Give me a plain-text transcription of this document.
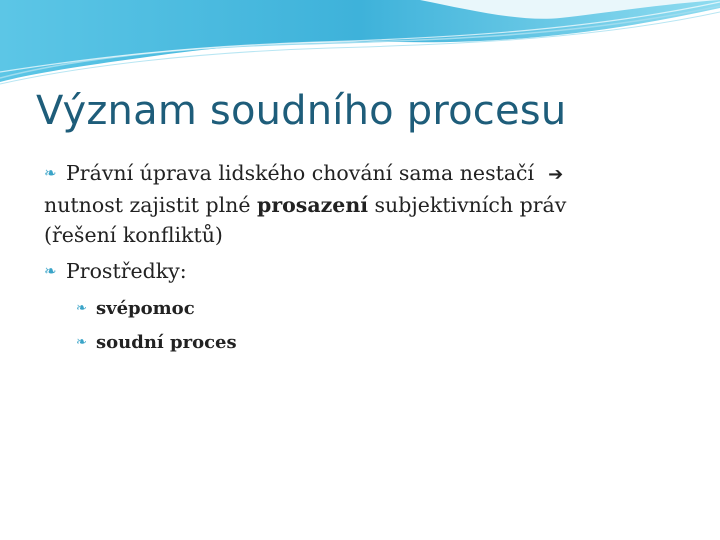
Význam soudního procesu
❧ Právní úprava lidského chování sama nestačí ➔
nutnost zajistit plné prosazení subjektivních práv
(řešení konfliktů)
❧ Prostředky:
❧ svépomoc
❧ soudní proces
